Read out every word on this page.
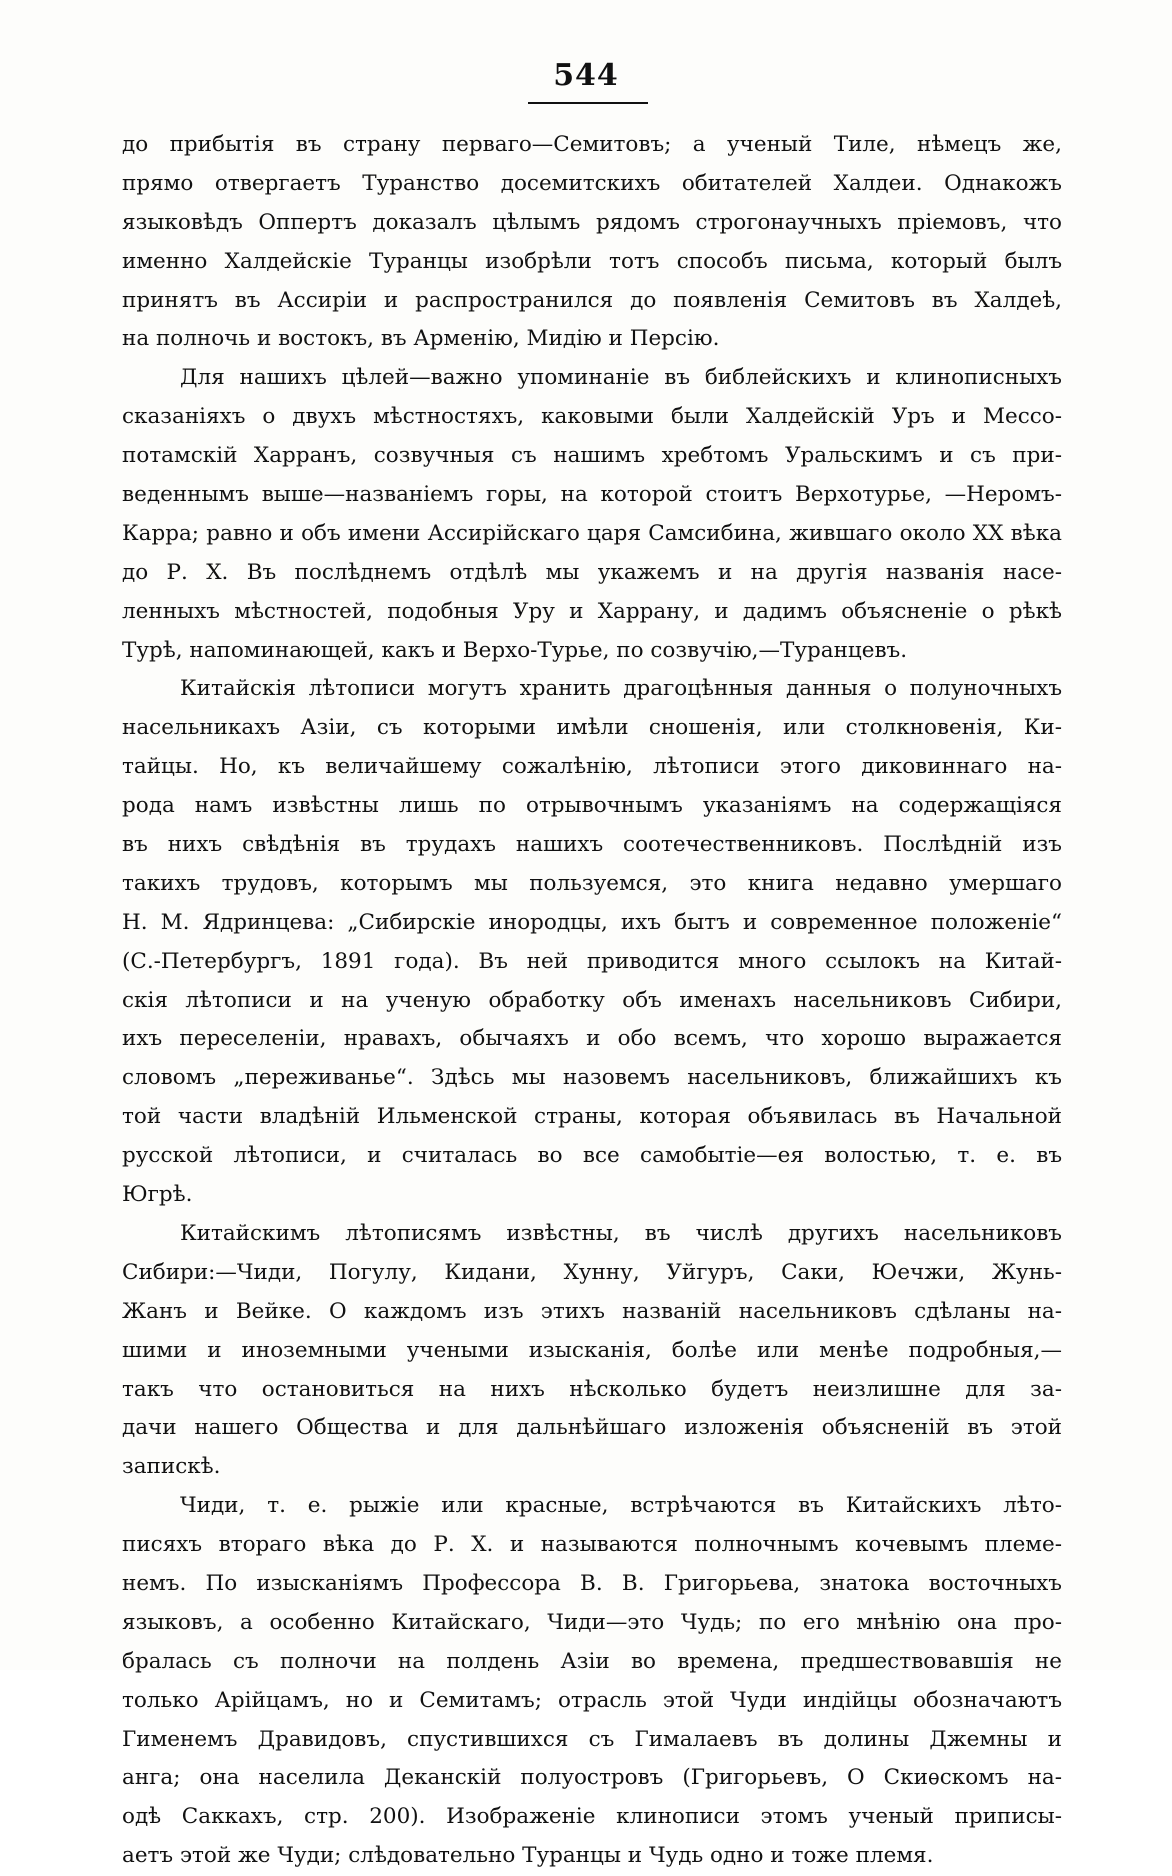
544
до прибытія въ страну перваго—Семитовъ; а ученый Тиле, нѣмецъ же,
прямо отвергаетъ Туранство досемитскихъ обитателей Халдеи. Однакожъ
языковѣдъ Оппертъ доказалъ цѣлымъ рядомъ строгонаучныхъ пріемовъ, что
именно Халдейскіе Туранцы изобрѣли тотъ способъ письма, который былъ
принятъ въ Ассиріи и распространился до появленія Семитовъ въ Халдеѣ,
на полночь и востокъ, въ Арменію, Мидію и Персію.
Для нашихъ цѣлей—важно упоминаніе въ библейскихъ и клинописныхъ
сказаніяхъ о двухъ мѣстностяхъ, каковыми были Халдейскій Уръ и Мессо-
потамскій Харранъ, созвучныя съ нашимъ хребтомъ Уральскимъ и съ при-
веденнымъ выше—названіемъ горы, на которой стоитъ Верхотурье, —Неромъ-
Карра; равно и объ имени Ассирійскаго царя Самсибина, жившаго около XX вѣка
до Р. Х. Въ послѣднемъ отдѣлѣ мы укажемъ и на другія названія насе-
ленныхъ мѣстностей, подобныя Уру и Харрану, и дадимъ объясненіе о рѣкѣ
Турѣ, напоминающей, какъ и Верхо-Турье, по созвучію,—Туранцевъ.
Китайскія лѣтописи могутъ хранить драгоцѣнныя данныя о полуночныхъ
насельникахъ Азіи, съ которыми имѣли сношенія, или столкновенія, Ки-
тайцы. Но, къ величайшему сожалѣнію, лѣтописи этого диковиннаго на-
рода намъ извѣстны лишь по отрывочнымъ указаніямъ на содержащіяся
въ нихъ свѣдѣнія въ трудахъ нашихъ соотечественниковъ. Послѣдній изъ
такихъ трудовъ, которымъ мы пользуемся, это книга недавно умершаго
Н. М. Ядринцева: „Сибирскіе инородцы, ихъ бытъ и современное положеніе“
(С.-Петербургъ, 1891 года). Въ ней приводится много ссылокъ на Китай-
скія лѣтописи и на ученую обработку объ именахъ насельниковъ Сибири,
ихъ переселеніи, нравахъ, обычаяхъ и обо всемъ, что хорошо выражается
словомъ „переживанье“. Здѣсь мы назовемъ насельниковъ, ближайшихъ къ
той части владѣній Ильменской страны, которая объявилась въ Начальной
русской лѣтописи, и считалась во все самобытіе—ея волостью, т. е. въ
Югрѣ.
Китайскимъ лѣтописямъ извѣстны, въ числѣ другихъ насельниковъ
Сибири:—Чиди, Погулу, Кидани, Хунну, Уйгуръ, Саки, Юечжи, Жунь-
Жанъ и Вейке. О каждомъ изъ этихъ названій насельниковъ сдѣланы на-
шими и иноземными учеными изысканія, болѣе или менѣе подробныя,—
такъ что остановиться на нихъ нѣсколько будетъ неизлишне для за-
дачи нашего Общества и для дальнѣйшаго изложенія объясненій въ этой
запискѣ.
Чиди, т. е. рыжіе или красные, встрѣчаются въ Китайскихъ лѣто-
писяхъ втораго вѣка до Р. Х. и называются полночнымъ кочевымъ племе-
немъ. По изысканіямъ Профессора В. В. Григорьева, знатока восточныхъ
языковъ, а особенно Китайскаго, Чиди—это Чудь; по его мнѣнію она про-
бралась съ полночи на полдень Азіи во времена, предшествовавшія не
только Арійцамъ, но и Семитамъ; отрасль этой Чуди индійцы обозначаютъ
Гименемъ Дравидовъ, спустившихся съ Гималаевъ въ долины Джемны и
анга; она населила Деканскій полуостровъ (Григорьевъ, О Скиѳскомъ на-
одѣ Саккахъ, стр. 200). Изображеніе клинописи этомъ ученый приписы-
аетъ этой же Чуди; слѣдовательно Туранцы и Чудь одно и тоже племя.
